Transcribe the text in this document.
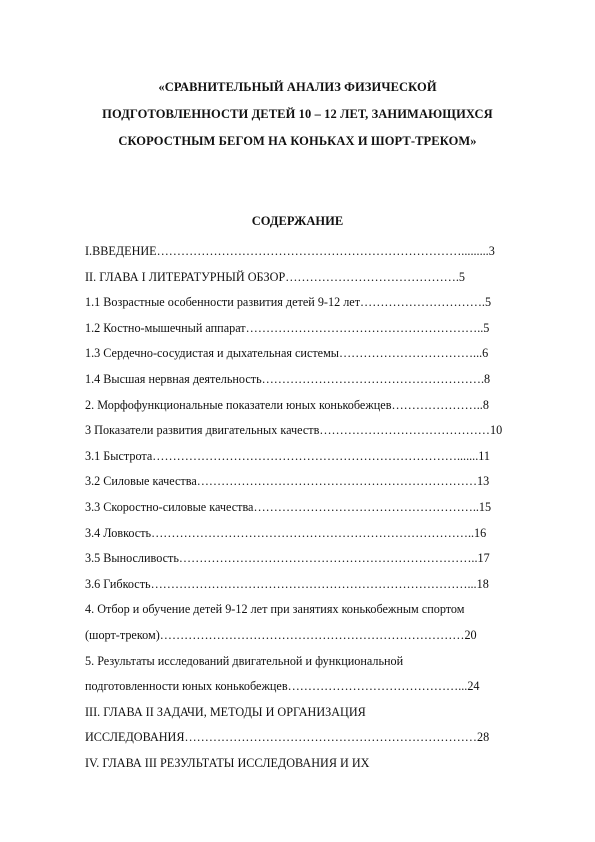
«СРАВНИТЕЛЬНЫЙ АНАЛИЗ ФИЗИЧЕСКОЙ
ПОДГОТОВЛЕННОСТИ ДЕТЕЙ 10 – 12 ЛЕТ, ЗАНИМАЮЩИХСЯ
СКОРОСТНЫМ БЕГОМ НА КОНЬКАХ И ШОРТ-ТРЕКОМ»
СОДЕРЖАНИЕ
I.ВВЕДЕНИЕ………………………………………………………………….........3
II. ГЛАВА I ЛИТЕРАТУРНЫЙ ОБЗОР…………………………………….5
1.1 Возрастные особенности развития детей 9-12 лет………………………….5
1.2 Костно-мышечный аппарат…………………………………………………..5
1.3 Сердечно-сосудистая и дыхательная системы……………………………...6
1.4 Высшая нервная деятельность……………………………………………….8
2. Морфофункциональные показатели юных конькобежцев…………………..8
3 Показатели развития двигательных качеств……………………………………10
3.1 Быстрота………………………………………………………………….......11
3.2 Силовые качества……………………………………………………………13
3.3 Скоростно-силовые качества………………………………………………..15
3.4 Ловкость……………………………………………………………………..16
3.5 Выносливость………………………………………………………………..17
3.6 Гибкость……………………………………………………………………...18
4. Отбор и обучение детей 9-12 лет при занятиях конькобежным спортом
(шорт-треком)…………………………………………………………………20
5. Результаты исследований двигательной и функциональной
подготовленности юных конькобежцев……………………………………...24
III. ГЛАВА II ЗАДАЧИ, МЕТОДЫ И ОРГАНИЗАЦИЯ
ИССЛЕДОВАНИЯ………………………………………………………………28
IV. ГЛАВА III РЕЗУЛЬТАТЫ ИССЛЕДОВАНИЯ И ИХ
